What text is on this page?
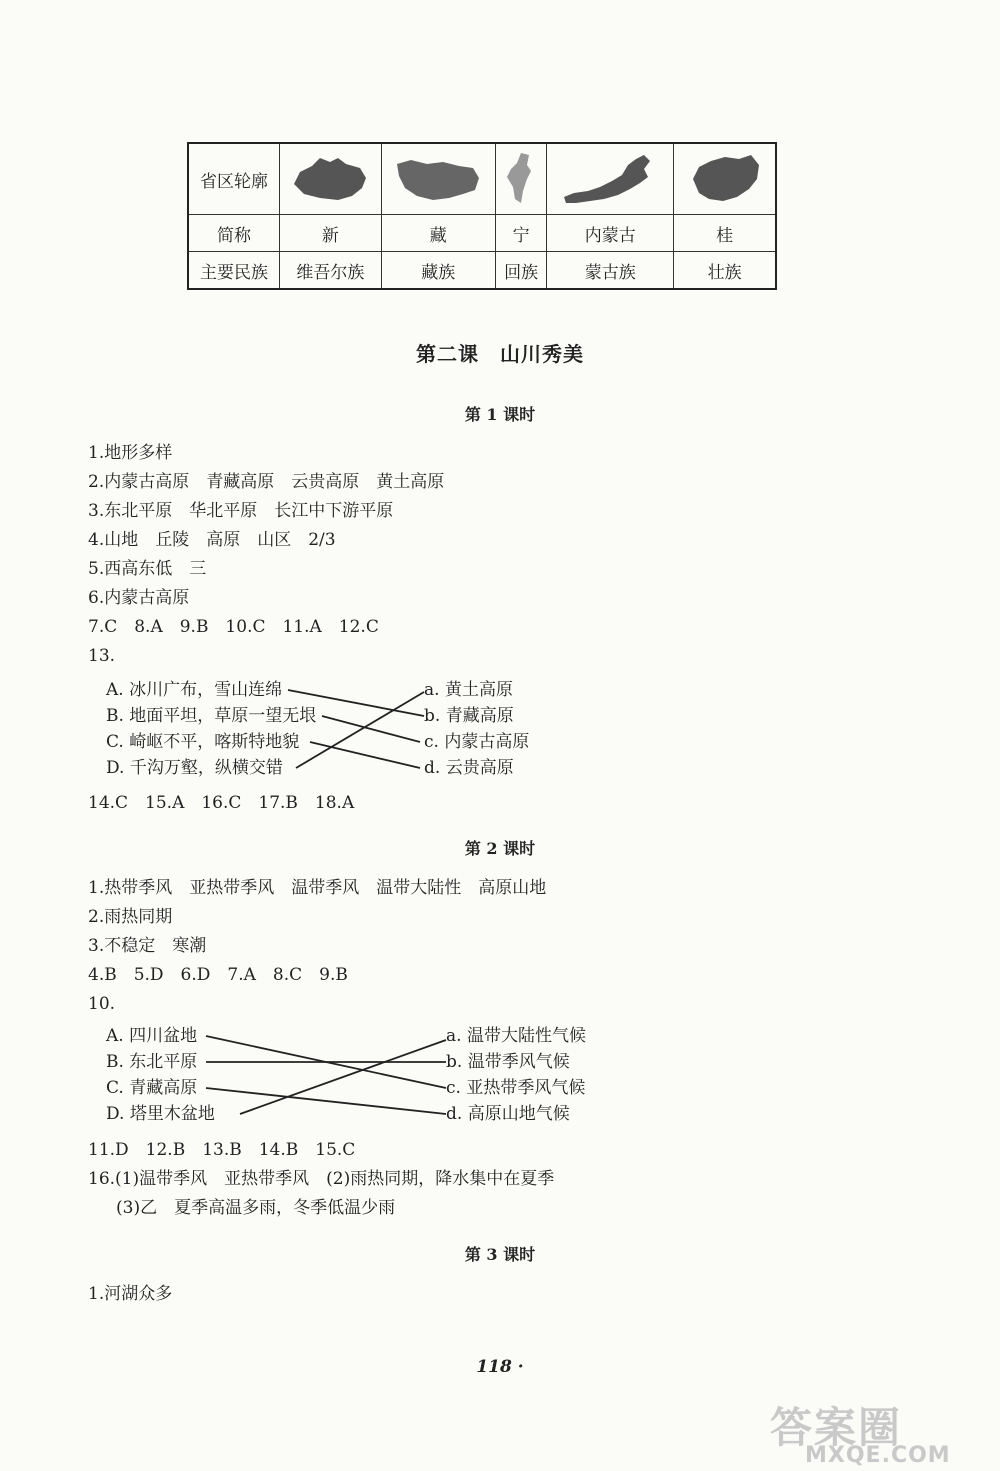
省区轮廓	

简称	新	藏	宁	内蒙古	桂
主要民族	维吾尔族	藏族	回族	蒙古族	壮族
第二课　山川秀美
第 1 课时
1.地形多样
2.内蒙古高原　青藏高原　云贵高原　黄土高原
3.东北平原　华北平原　长江中下游平原
4.山地　丘陵　高原　山区　2/3
5.西高东低　三
6.内蒙古高原
7.C　8.A　9.B　10.C　11.A　12.C
13.
A. 冰川广布，雪山连绵
B. 地面平坦，草原一望无垠
C. 崎岖不平，喀斯特地貌
D. 千沟万壑，纵横交错
a. 黄土高原
b. 青藏高原
c. 内蒙古高原
d. 云贵高原
14.C　15.A　16.C　17.B　18.A
第 2 课时
1.热带季风　亚热带季风　温带季风　温带大陆性　高原山地
2.雨热同期
3.不稳定　寒潮
4.B　5.D　6.D　7.A　8.C　9.B
10.
A. 四川盆地
B. 东北平原
C. 青藏高原
D. 塔里木盆地
a. 温带大陆性气候
b. 温带季风气候
c. 亚热带季风气候
d. 高原山地气候
11.D　12.B　13.B　14.B　15.C
16.(1)温带季风　亚热带季风　(2)雨热同期，降水集中在夏季
(3)乙　夏季高温多雨，冬季低温少雨
第 3 课时
1.河湖众多
118 ·
答案圈
MXQE.COM
